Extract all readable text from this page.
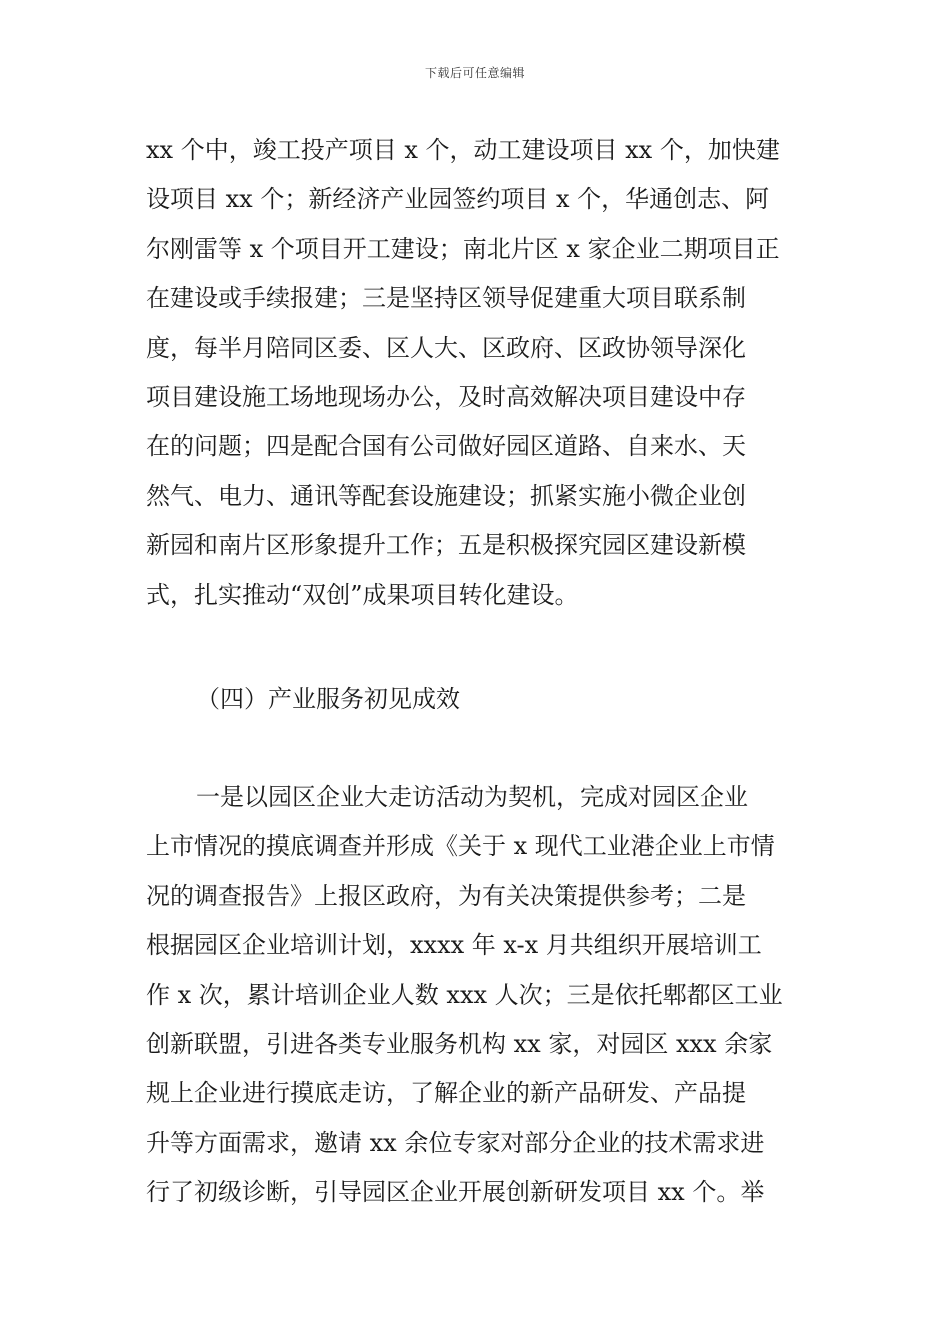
下载后可任意编辑
xx 个中，竣工投产项目 x 个，动工建设项目 xx 个，加快建
设项目 xx 个；新经济产业园签约项目 x 个，华通创志、阿
尔刚雷等 x 个项目开工建设；南北片区 x 家企业二期项目正
在建设或手续报建；三是坚持区领导促建重大项目联系制
度，每半月陪同区委、区人大、区政府、区政协领导深化
项目建设施工场地现场办公，及时高效解决项目建设中存
在的问题；四是配合国有公司做好园区道路、自来水、天
然气、电力、通讯等配套设施建设；抓紧实施小微企业创
新园和南片区形象提升工作；五是积极探究园区建设新模
式，扎实推动“双创”成果项目转化建设。
（四）产业服务初见成效
一是以园区企业大走访活动为契机，完成对园区企业
上市情况的摸底调查并形成《关于 x 现代工业港企业上市情
况的调查报告》上报区政府，为有关决策提供参考；二是
根据园区企业培训计划，xxxx 年 x-x 月共组织开展培训工
作 x 次，累计培训企业人数 xxx 人次；三是依托郫都区工业
创新联盟，引进各类专业服务机构 xx 家，对园区 xxx 余家
规上企业进行摸底走访，了解企业的新产品研发、产品提
升等方面需求，邀请 xx 余位专家对部分企业的技术需求进
行了初级诊断，引导园区企业开展创新研发项目 xx 个。举
